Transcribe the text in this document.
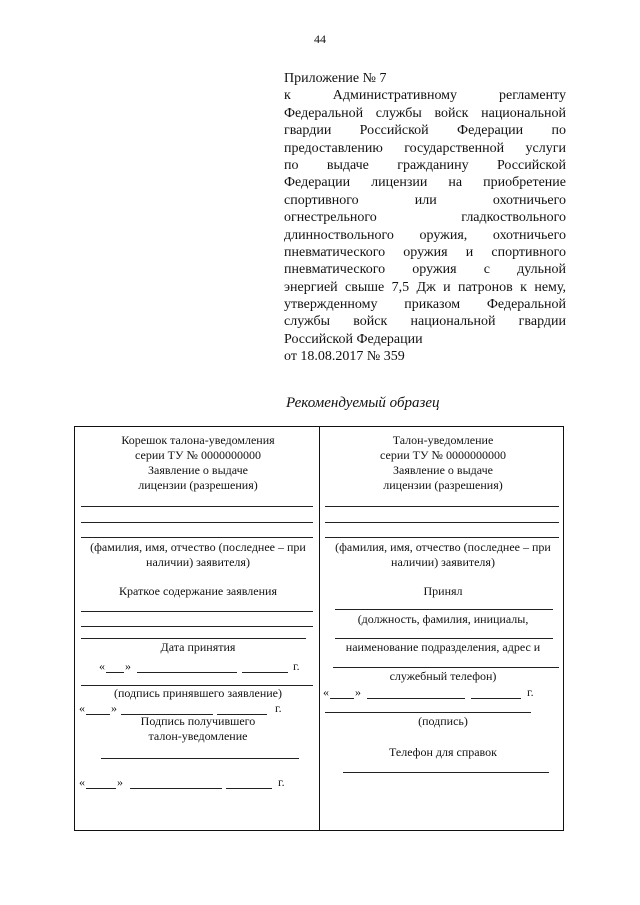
44
Приложение № 7
к Административному регламенту
Федеральной службы войск национальной
гвардии Российской Федерации по
предоставлению государственной услуги
по выдаче гражданину Российской
Федерации лицензии на приобретение
спортивного или охотничьего
огнестрельного гладкоствольного
длинноствольного оружия, охотничьего
пневматического оружия и спортивного
пневматического оружия с дульной
энергией свыше 7,5 Дж и патронов к нему,
утвержденному приказом Федеральной
службы войск национальной гвардии
Российской Федерации
от 18.08.2017 № 359
Рекомендуемый образец
Корешок талона-уведомления
серии ТУ № 0000000000
Заявление о выдаче
лицензии (разрешения)
(фамилия, имя, отчество (последнее – при
наличии) заявителя)
Краткое содержание заявления
Дата принятия
« »	г.
(подпись принявшего заявление)
« »	г.
Подпись получившего
талон-уведомление
«	»	г.
Талон-уведомление
серии ТУ № 0000000000
Заявление о выдаче
лицензии (разрешения)
(фамилия, имя, отчество (последнее – при
наличии) заявителя)
Принял
(должность, фамилия, инициалы,
наименование подразделения, адрес и
служебный телефон)
« »	г.
(подпись)
Телефон для справок
